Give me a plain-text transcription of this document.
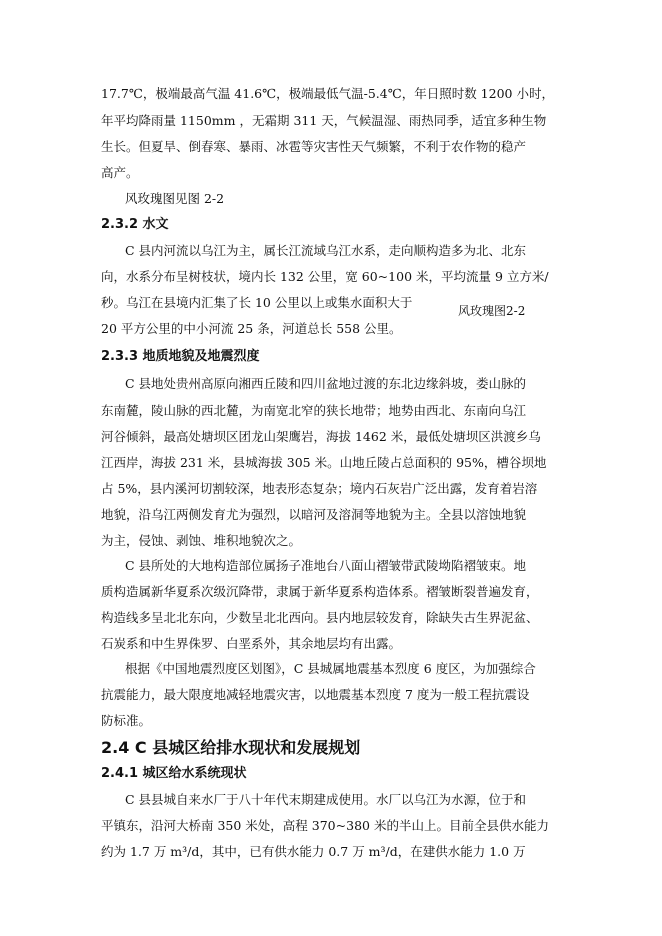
17.7℃，极端最高气温 41.6℃，极端最低气温-5.4℃，年日照时数 1200 小时，
年平均降雨量 1150mm ，无霜期 311 天，气候温湿、雨热同季，适宜多种生物
生长。但夏旱、倒春寒、暴雨、冰雹等灾害性天气频繁，不利于农作物的稳产
高产。
风玫瑰图见图 2-2
2.3.2 水文
C 县内河流以乌江为主，属长江流域乌江水系，走向顺构造多为北、北东
向，水系分布呈树枝状，境内长 132 公里，宽 60~100 米，平均流量 9 立方米/
秒。乌江在县境内汇集了长 10 公里以上或集水面积大于
20 平方公里的中小河流 25 条，河道总长 558 公里。
风玫瑰图2-2
2.3.3 地质地貌及地震烈度
C 县地处贵州高原向湘西丘陵和四川盆地过渡的东北边缘斜坡，娄山脉的
东南麓，陵山脉的西北麓，为南宽北窄的狭长地带；地势由西北、东南向乌江
河谷倾斜，最高处塘坝区团龙山架鹰岩，海拔 1462 米，最低处塘坝区洪渡乡乌
江西岸，海拔 231 米，县城海拔 305 米。山地丘陵占总面积的 95%，槽谷坝地
占 5%，县内溪河切割较深，地表形态复杂；境内石灰岩广泛出露，发育着岩溶
地貌，沿乌江两侧发育尤为强烈，以暗河及溶洞等地貌为主。全县以溶蚀地貌
为主，侵蚀、剥蚀、堆积地貌次之。
C 县所处的大地构造部位属扬子准地台八面山褶皱带武陵坳陷褶皱束。地
质构造属新华夏系次级沉降带，隶属于新华夏系构造体系。褶皱断裂普遍发育，
构造线多呈北北东向，少数呈北北西向。县内地层较发育，除缺失古生界泥盆、
石炭系和中生界侏罗、白垩系外，其余地层均有出露。
根据《中国地震烈度区划图》，C 县城属地震基本烈度 6 度区，为加强综合
抗震能力，最大限度地减轻地震灾害，以地震基本烈度 7 度为一般工程抗震设
防标准。
2.4 C 县城区给排水现状和发展规划
2.4.1 城区给水系统现状
C 县县城自来水厂于八十年代末期建成使用。水厂以乌江为水源，位于和
平镇东，沿河大桥南 350 米处，高程 370~380 米的半山上。目前全县供水能力
约为 1.7 万 m³/d，其中，已有供水能力 0.7 万 m³/d，在建供水能力 1.0 万
